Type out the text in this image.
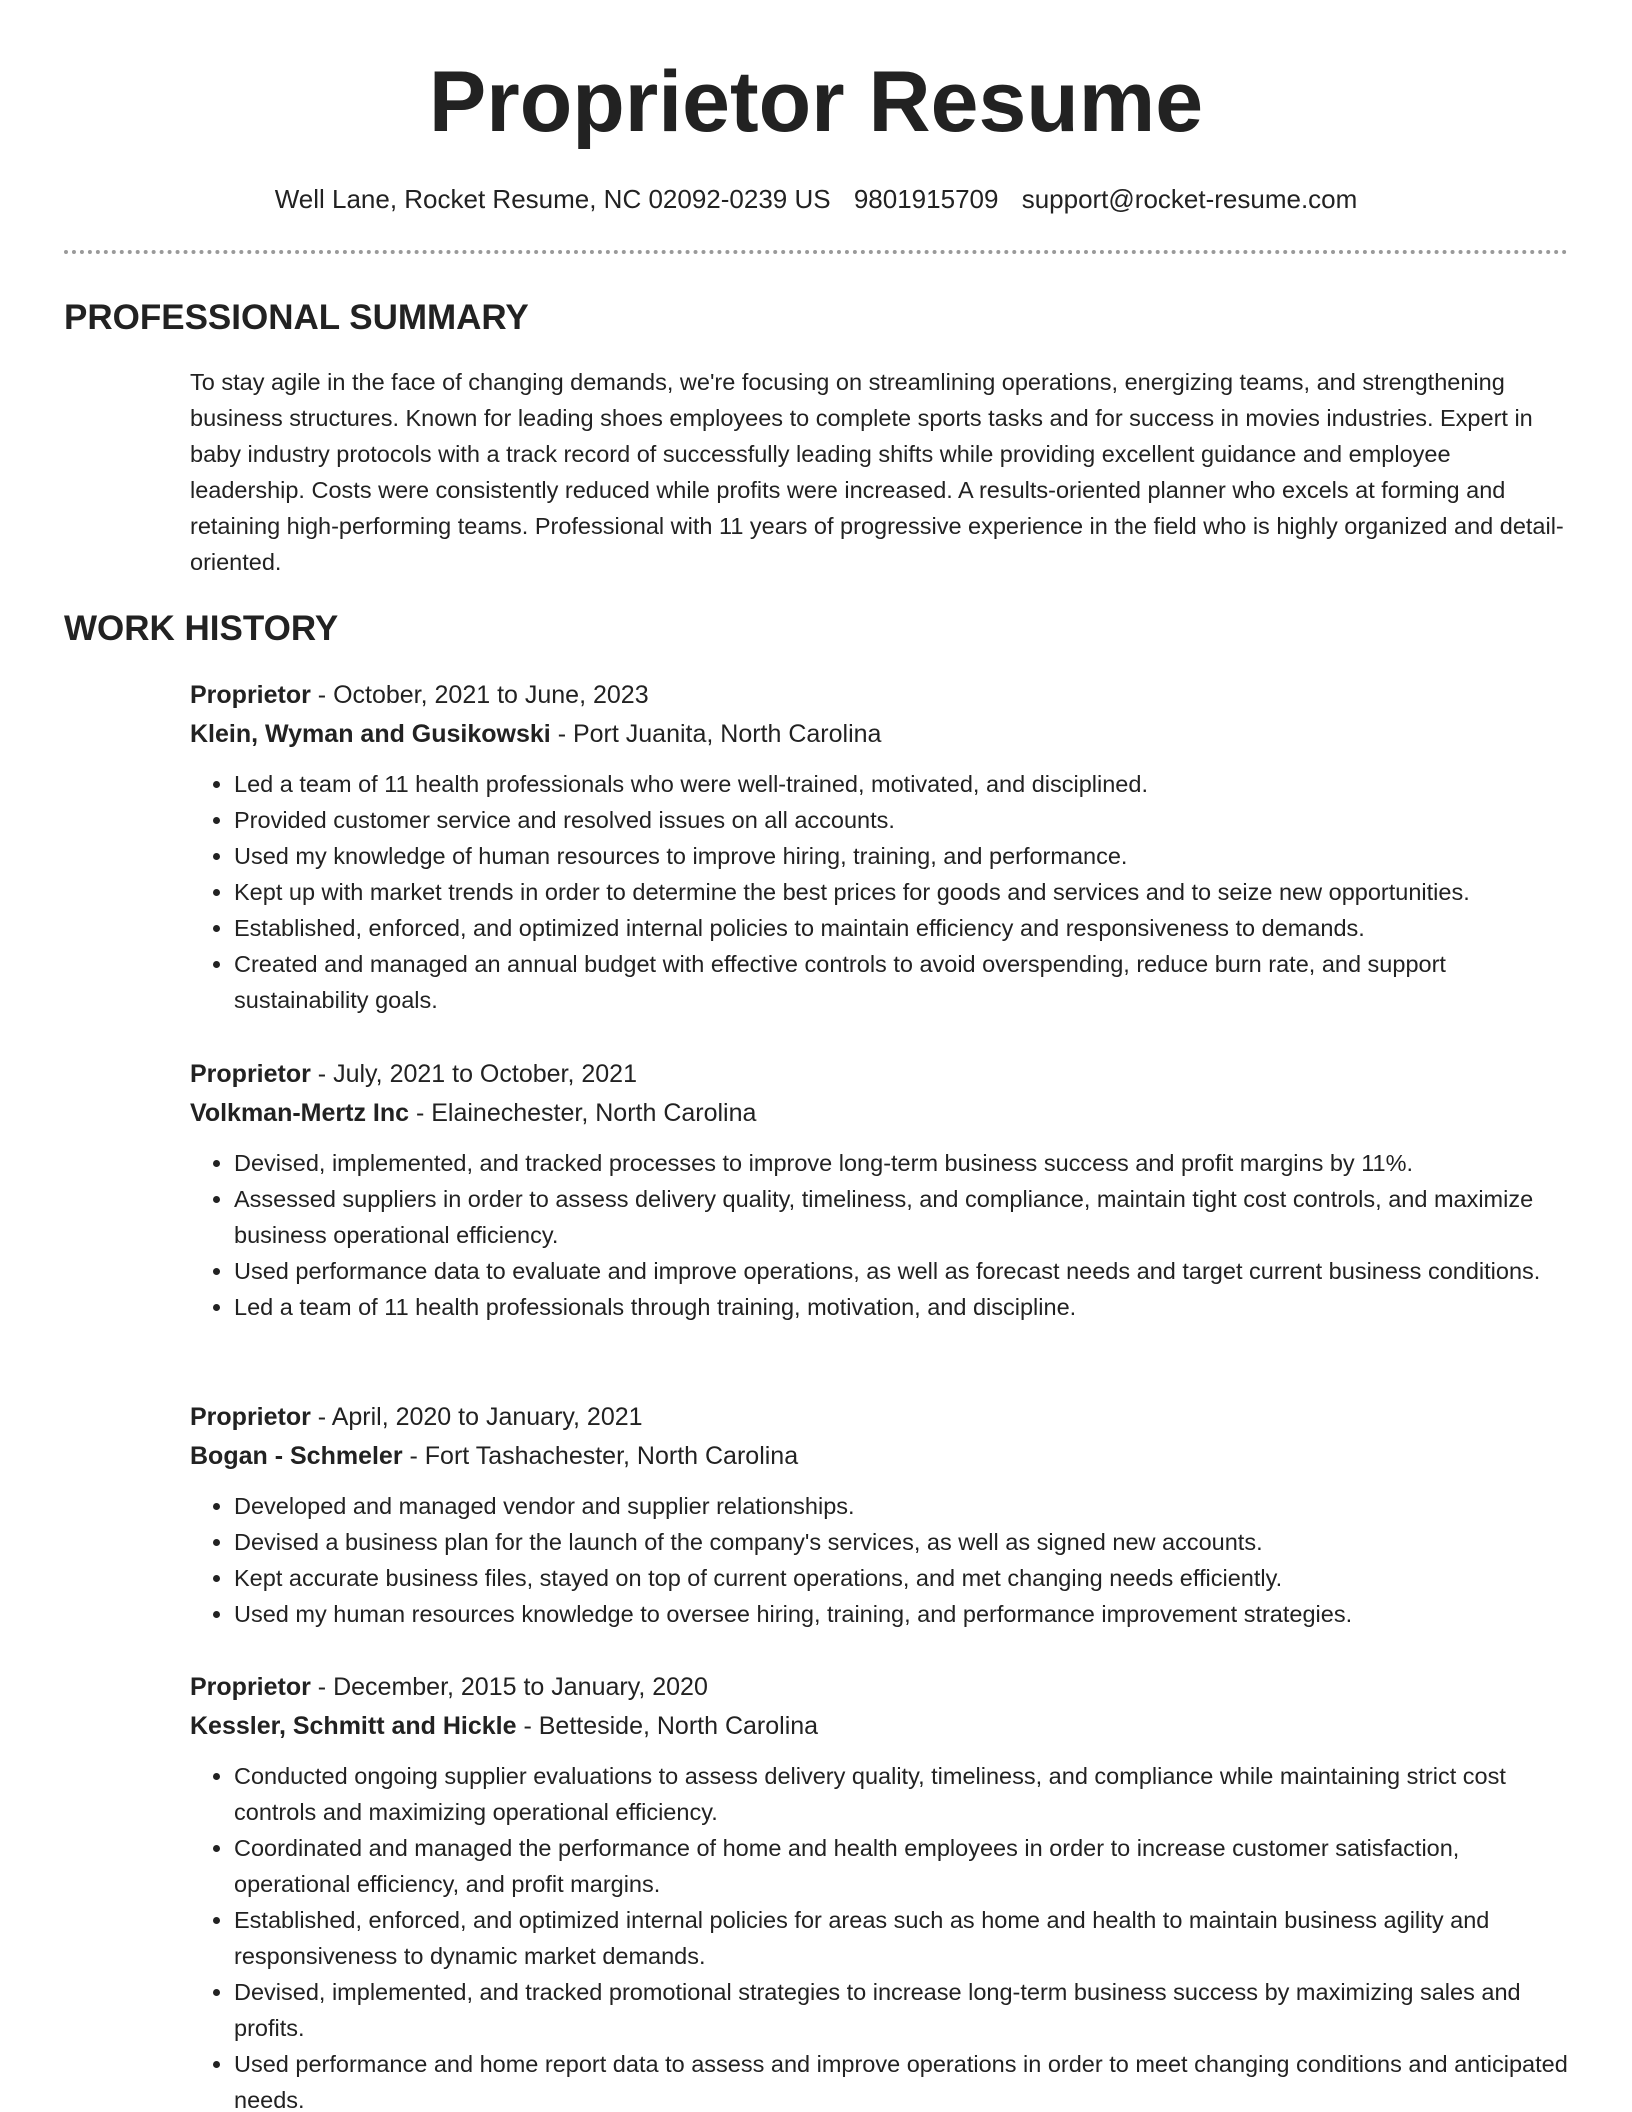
Proprietor Resume
Well Lane, Rocket Resume, NC 02092-0239 US 9801915709 support@rocket-resume.com
PROFESSIONAL SUMMARY

To stay agile in the face of changing demands, we're focusing on streamlining operations, energizing teams, and strengthening business structures. Known for leading shoes employees to complete sports tasks and for success in movies industries. Expert in baby industry protocols with a track record of successfully leading shifts while providing excellent guidance and employee leadership. Costs were consistently reduced while profits were increased. A results-oriented planner who excels at forming and retaining high-performing teams. Professional with 11 years of progressive experience in the field who is highly organized and detail-oriented.

WORK HISTORY

Proprietor - October, 2021 to June, 2023

Klein, Wyman and Gusikowski - Port Juanita, North Carolina

• Led a team of 11 health professionals who were well-trained, motivated, and disciplined.
• Provided customer service and resolved issues on all accounts.
• Used my knowledge of human resources to improve hiring, training, and performance.
• Kept up with market trends in order to determine the best prices for goods and services and to seize new opportunities.
• Established, enforced, and optimized internal policies to maintain efficiency and responsiveness to demands.
• Created and managed an annual budget with effective controls to avoid overspending, reduce burn rate, and support sustainability goals.

Proprietor - July, 2021 to October, 2021

Volkman-Mertz Inc - Elainechester, North Carolina

• Devised, implemented, and tracked processes to improve long-term business success and profit margins by 11%.
• Assessed suppliers in order to assess delivery quality, timeliness, and compliance, maintain tight cost controls, and maximize business operational efficiency.
• Used performance data to evaluate and improve operations, as well as forecast needs and target current business conditions.
• Led a team of 11 health professionals through training, motivation, and discipline.

Proprietor - April, 2020 to January, 2021

Bogan - Schmeler - Fort Tashachester, North Carolina

• Developed and managed vendor and supplier relationships.
• Devised a business plan for the launch of the company's services, as well as signed new accounts.
• Kept accurate business files, stayed on top of current operations, and met changing needs efficiently.
• Used my human resources knowledge to oversee hiring, training, and performance improvement strategies.

Proprietor - December, 2015 to January, 2020

Kessler, Schmitt and Hickle - Betteside, North Carolina

• Conducted ongoing supplier evaluations to assess delivery quality, timeliness, and compliance while maintaining strict cost controls and maximizing operational efficiency.
• Coordinated and managed the performance of home and health employees in order to increase customer satisfaction, operational efficiency, and profit margins.
• Established, enforced, and optimized internal policies for areas such as home and health to maintain business agility and responsiveness to dynamic market demands.
• Devised, implemented, and tracked promotional strategies to increase long-term business success by maximizing sales and profits.
• Used performance and home report data to assess and improve operations in order to meet changing conditions and anticipated needs.
